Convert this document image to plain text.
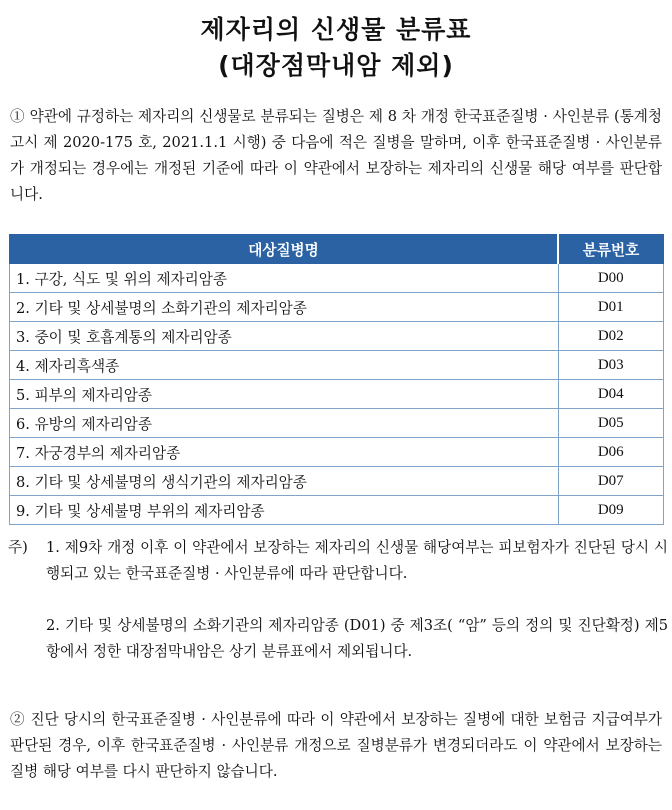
제자리의 신생물 분류표
(대장점막내암 제외)
① 약관에 규정하는 제자리의 신생물로 분류되는 질병은 제 8 차 개정 한국표준질병 · 사인분류 (통계청 고시 제 2020-175 호, 2021.1.1 시행) 중 다음에 적은 질병을 말하며, 이후 한국표준질병 · 사인분류가 개정되는 경우에는 개정된 기준에 따라 이 약관에서 보장하는 제자리의 신생물 해당 여부를 판단합니다.
대상질병명	분류번호
1. 구강, 식도 및 위의 제자리암종	D00
2. 기타 및 상세불명의 소화기관의 제자리암종	D01
3. 중이 및 호흡계통의 제자리암종	D02
4. 제자리흑색종	D03
5. 피부의 제자리암종	D04
6. 유방의 제자리암종	D05
7. 자궁경부의 제자리암종	D06
8. 기타 및 상세불명의 생식기관의 제자리암종	D07
9. 기타 및 상세불명 부위의 제자리암종	D09
주) 1. 제9차 개정 이후 이 약관에서 보장하는 제자리의 신생물 해당여부는 피보험자가 진단된 당시 시행되고 있는 한국표준질병 · 사인분류에 따라 판단합니다.
2. 기타 및 상세불명의 소화기관의 제자리암종 (D01) 중 제3조( “암” 등의 정의 및 진단확정) 제5항에서 정한 대장점막내암은 상기 분류표에서 제외됩니다.
② 진단 당시의 한국표준질병 · 사인분류에 따라 이 약관에서 보장하는 질병에 대한 보험금 지급여부가 판단된 경우, 이후 한국표준질병 · 사인분류 개정으로 질병분류가 변경되더라도 이 약관에서 보장하는 질병 해당 여부를 다시 판단하지 않습니다.
